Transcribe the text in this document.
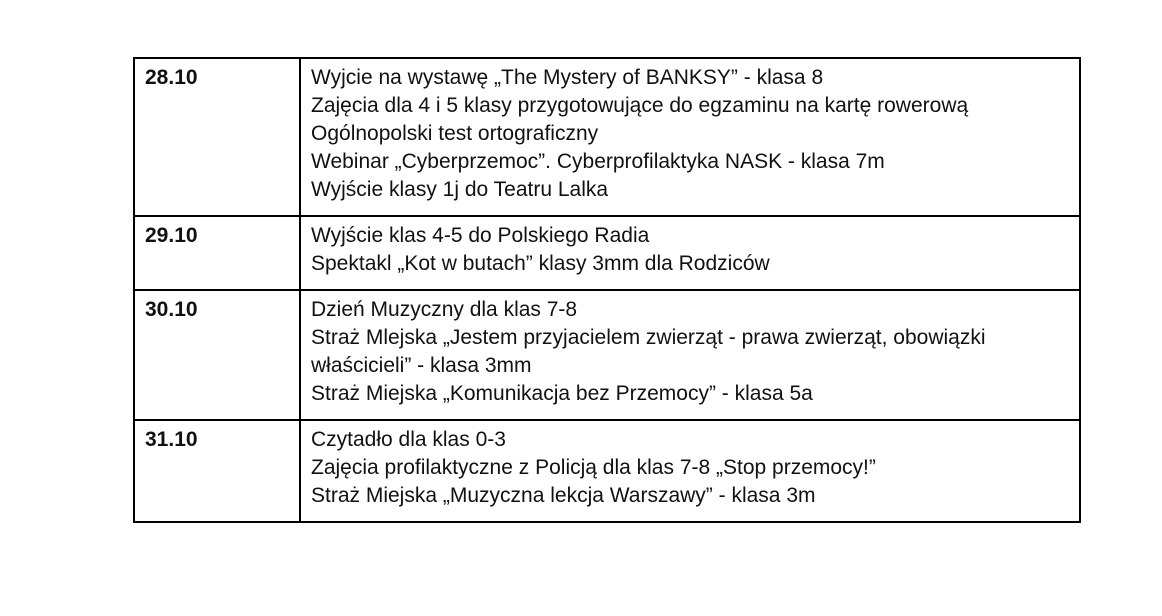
28.10	Wyjcie na wystawę „The Mystery of BANKSY” - klasa 8
Zajęcia dla 4 i 5 klasy przygotowujące do egzaminu na kartę rowerową
Ogólnopolski test ortograficzny
Webinar „Cyberprzemoc”. Cyberprofilaktyka NASK - klasa 7m
Wyjście klasy 1j do Teatru Lalka

29.10	Wyjście klas 4-5 do Polskiego Radia
Spektakl „Kot w butach” klasy 3mm dla Rodziców

30.10	Dzień Muzyczny dla klas 7-8
Straż Mlejska „Jestem przyjacielem zwierząt - prawa zwierząt, obowiązki właścicieli” - klasa 3mm
Straż Miejska „Komunikacja bez Przemocy” - klasa 5a

31.10	Czytadło dla klas 0-3
Zajęcia profilaktyczne z Policją dla klas 7-8 „Stop przemocy!”
Straż Miejska „Muzyczna lekcja Warszawy” - klasa 3m
